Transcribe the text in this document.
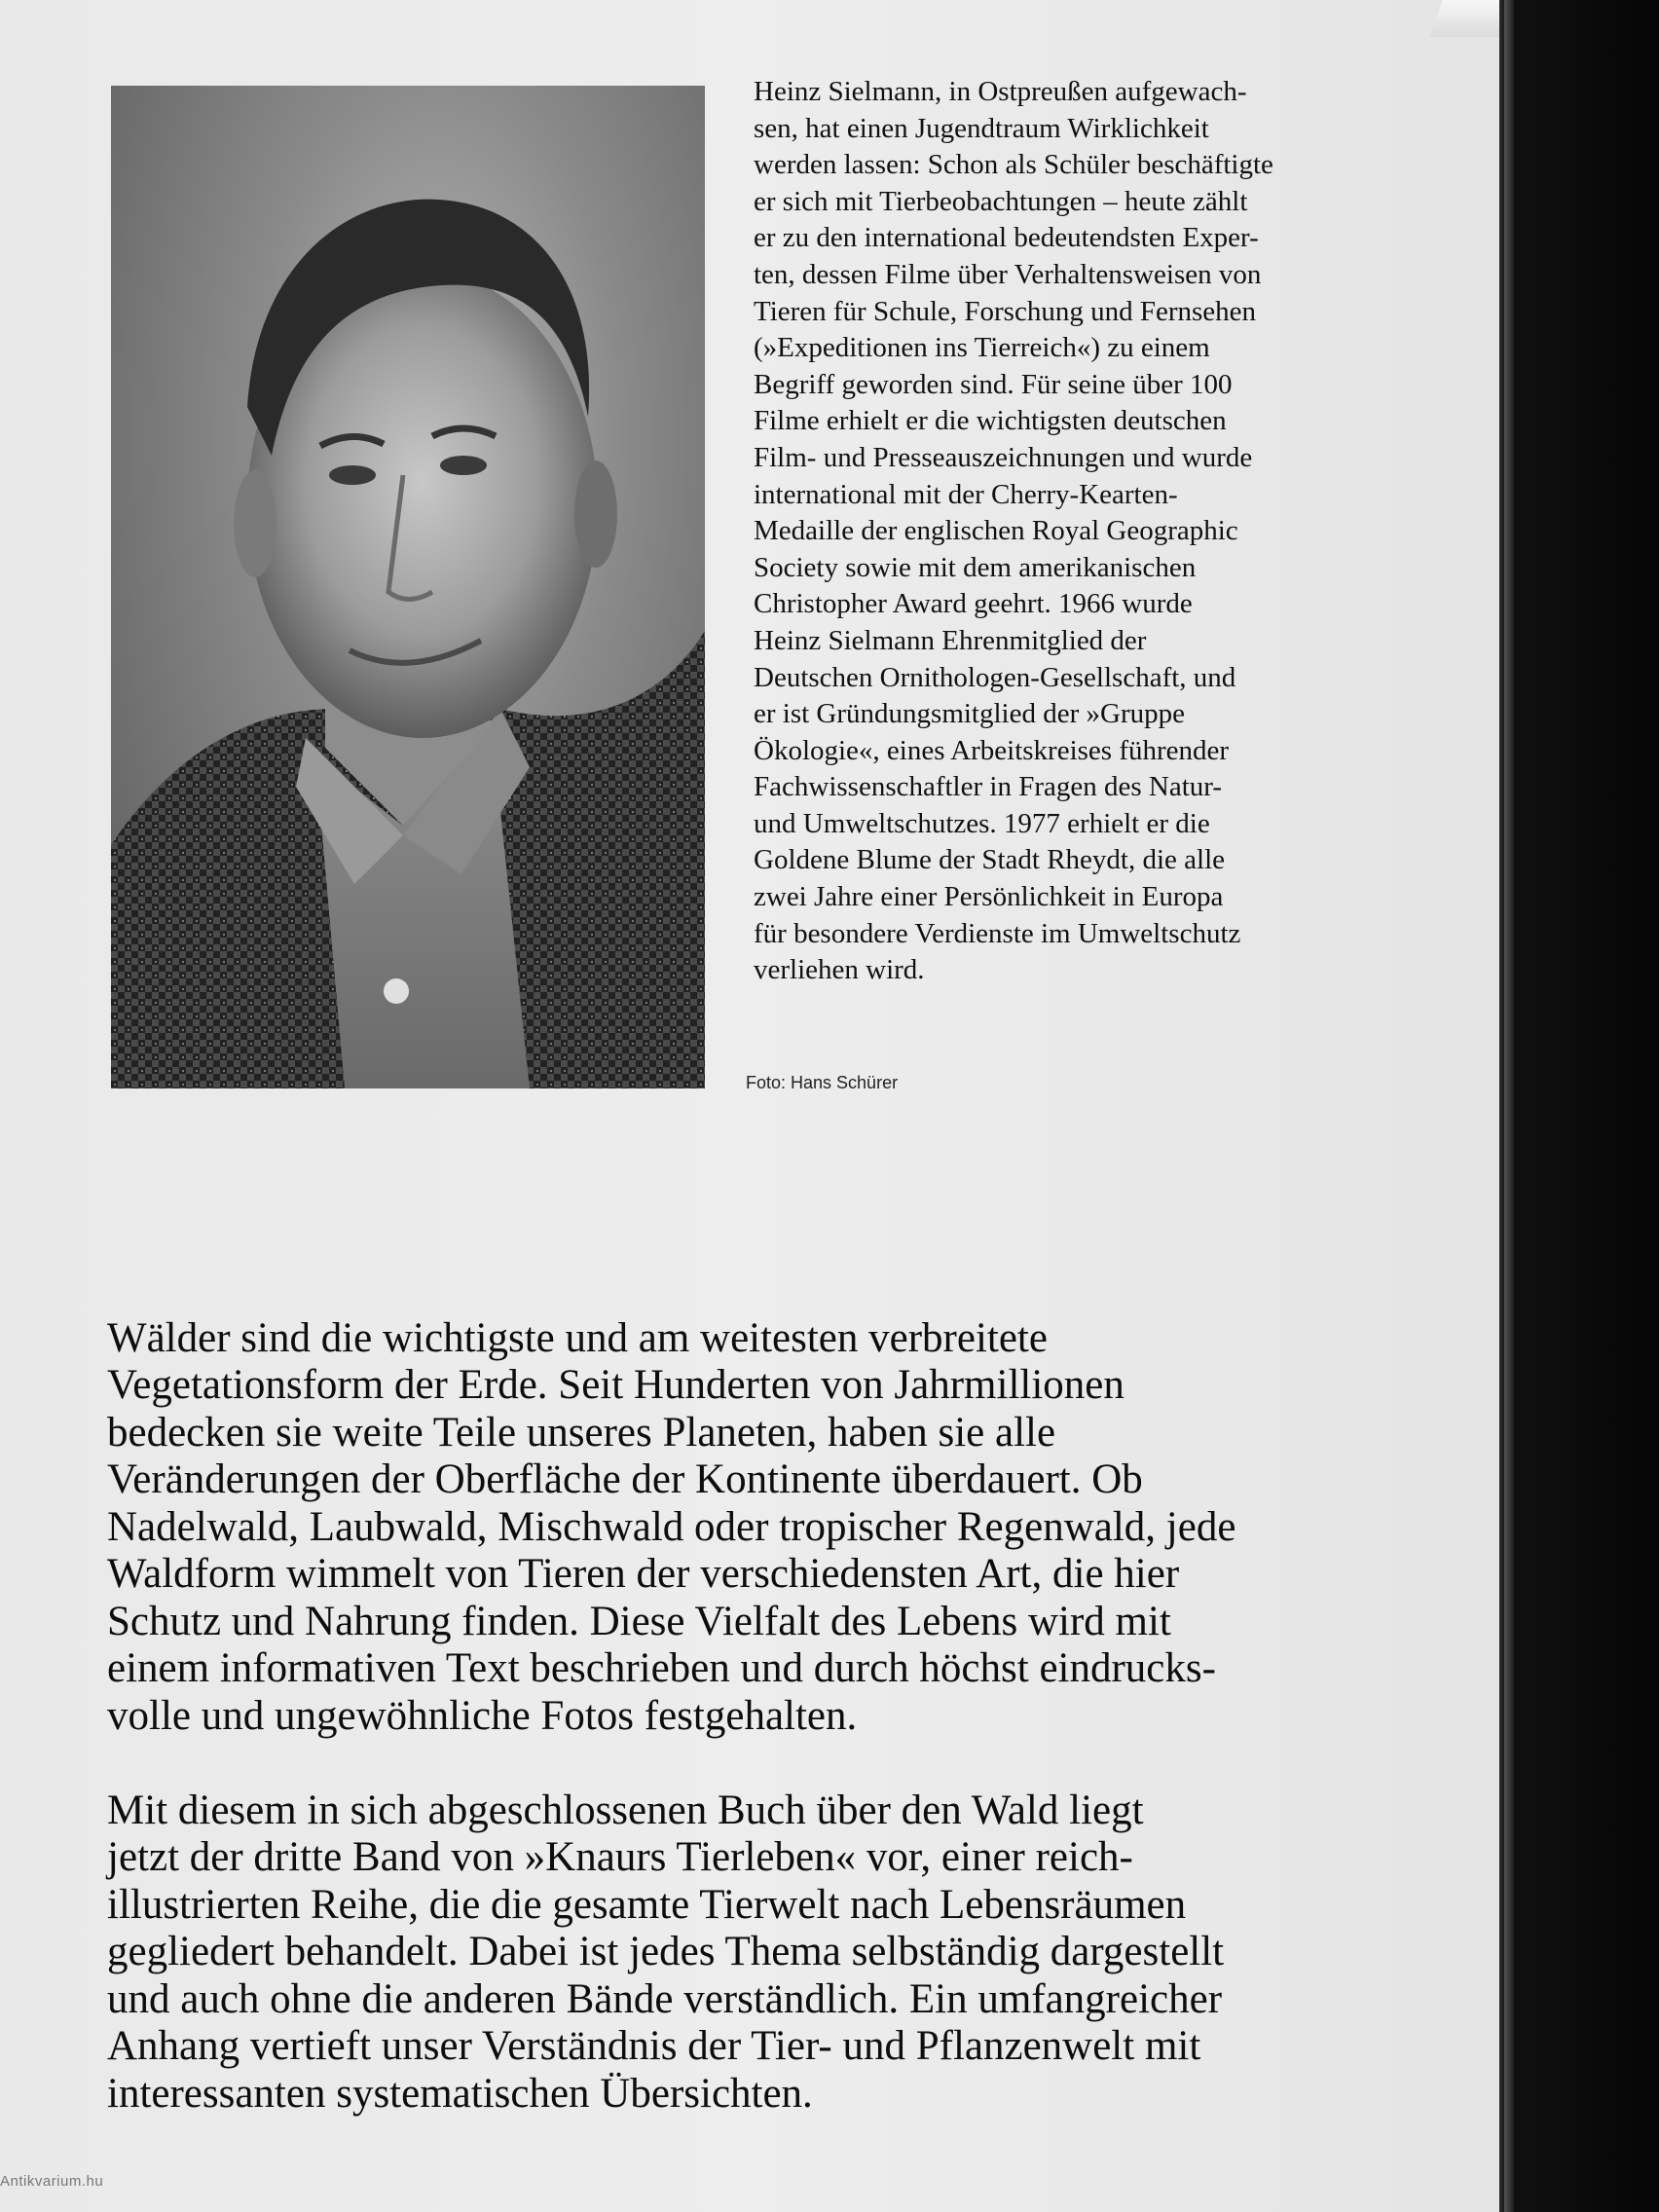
Heinz Sielmann, in Ostpreußen aufgewach-
sen, hat einen Jugendtraum Wirklichkeit
werden lassen: Schon als Schüler beschäftigte
er sich mit Tierbeobachtungen – heute zählt
er zu den international bedeutendsten Exper-
ten, dessen Filme über Verhaltensweisen von
Tieren für Schule, Forschung und Fernsehen
(»Expeditionen ins Tierreich«) zu einem
Begriff geworden sind. Für seine über 100
Filme erhielt er die wichtigsten deutschen
Film- und Presseauszeichnungen und wurde
international mit der Cherry-Kearten-
Medaille der englischen Royal Geographic
Society sowie mit dem amerikanischen
Christopher Award geehrt. 1966 wurde
Heinz Sielmann Ehrenmitglied der
Deutschen Ornithologen-Gesellschaft, und
er ist Gründungsmitglied der »Gruppe
Ökologie«, eines Arbeitskreises führender
Fachwissenschaftler in Fragen des Natur-
und Umweltschutzes. 1977 erhielt er die
Goldene Blume der Stadt Rheydt, die alle
zwei Jahre einer Persönlichkeit in Europa
für besondere Verdienste im Umweltschutz
verliehen wird.

Foto: Hans Schürer

Wälder sind die wichtigste und am weitesten verbreitete
Vegetationsform der Erde. Seit Hunderten von Jahrmillionen
bedecken sie weite Teile unseres Planeten, haben sie alle
Veränderungen der Oberfläche der Kontinente überdauert. Ob
Nadelwald, Laubwald, Mischwald oder tropischer Regenwald, jede
Waldform wimmelt von Tieren der verschiedensten Art, die hier
Schutz und Nahrung finden. Diese Vielfalt des Lebens wird mit
einem informativen Text beschrieben und durch höchst eindrucks-
volle und ungewöhnliche Fotos festgehalten.

Mit diesem in sich abgeschlossenen Buch über den Wald liegt
jetzt der dritte Band von »Knaurs Tierleben« vor, einer reich-
illustrierten Reihe, die die gesamte Tierwelt nach Lebensräumen
gegliedert behandelt. Dabei ist jedes Thema selbständig dargestellt
und auch ohne die anderen Bände verständlich. Ein umfangreicher
Anhang vertieft unser Verständnis der Tier- und Pflanzenwelt mit
interessanten systematischen Übersichten.

Antikvarium.hu
